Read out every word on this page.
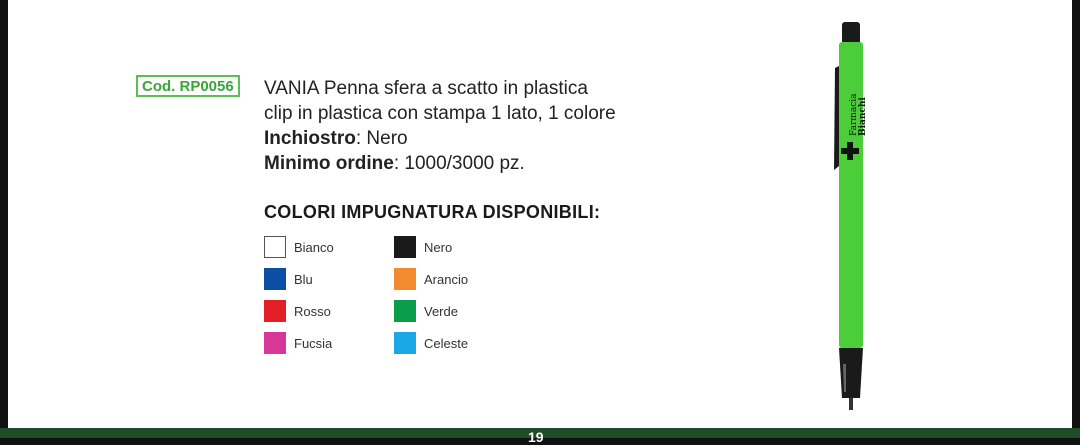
Cod. RP0056	VANIA Penna sfera a scatto in plastica
clip in plastica con stampa 1 lato, 1 colore
Inchiostro: Nero
Minimo ordine: 1000/3000 pz.
COLORI IMPUGNATURA DISPONIBILI:
Bianco	Nero
Blu	Arancio
Rosso	Verde
Fucsia	Celeste
Farmacia Bianchi
19
